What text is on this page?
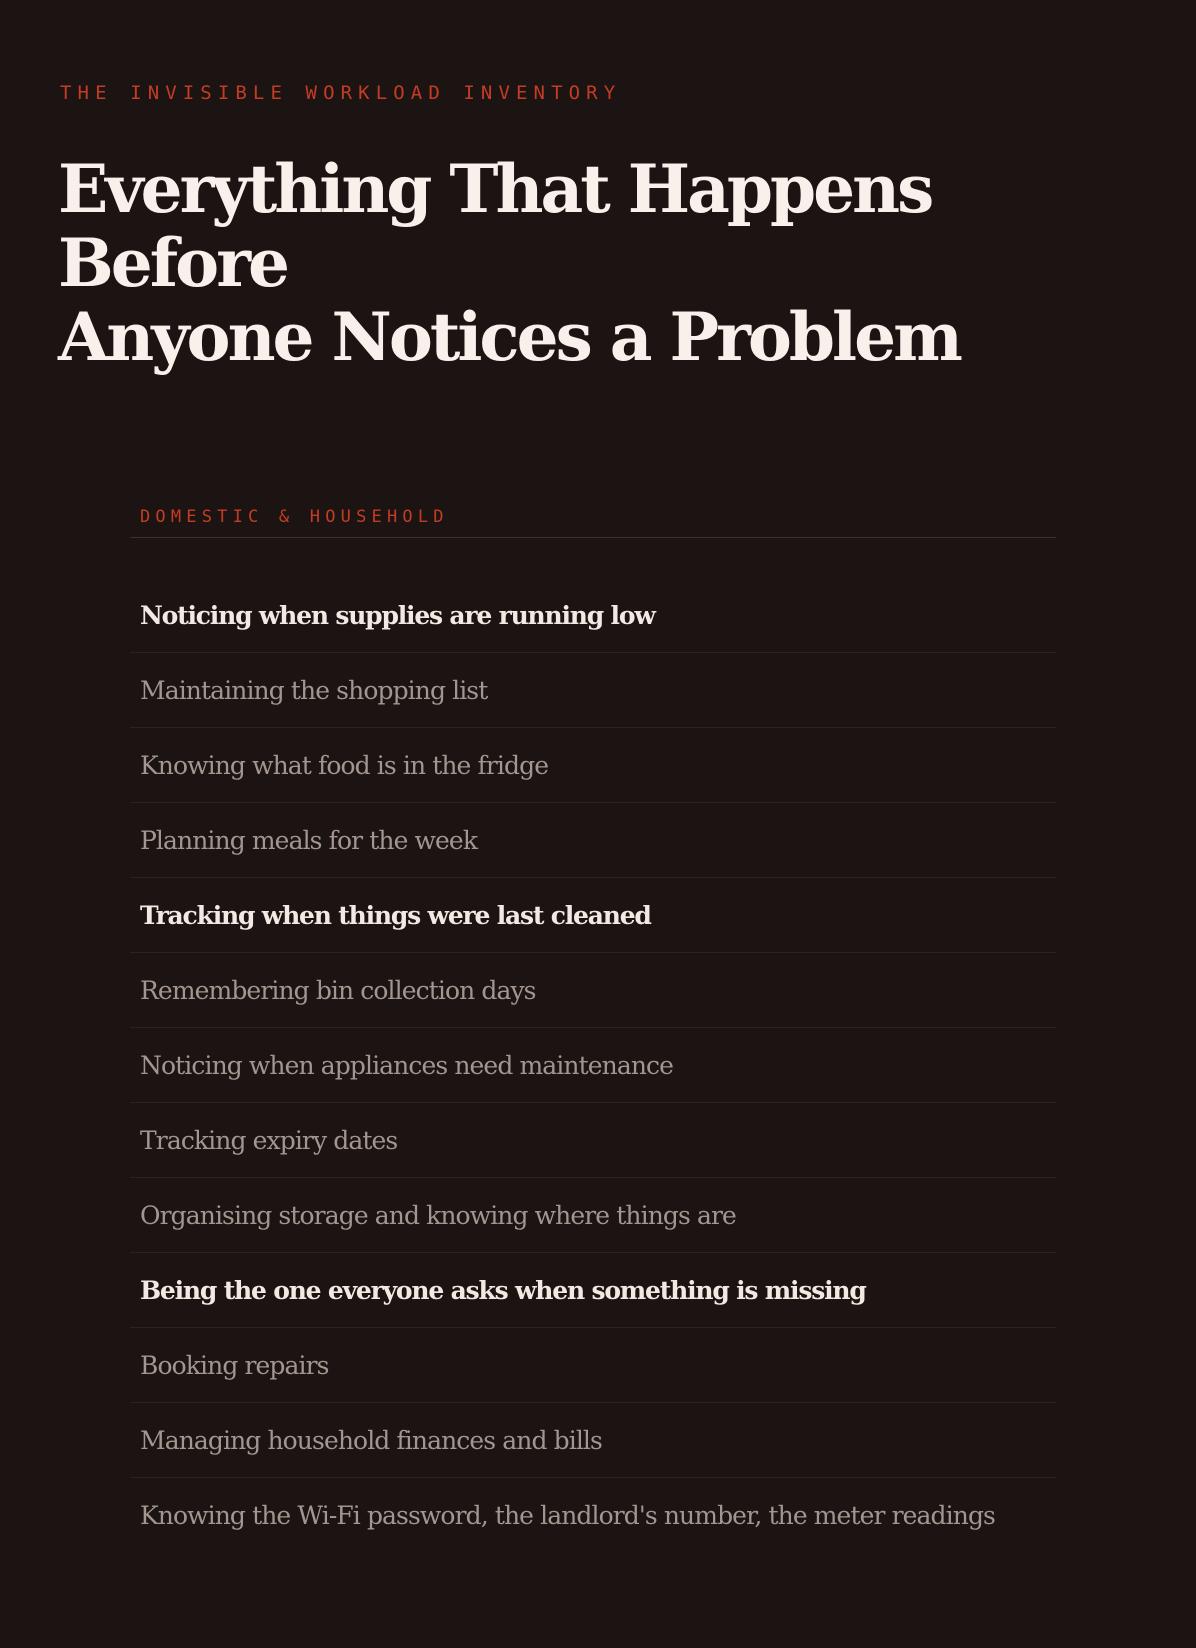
THE INVISIBLE WORKLOAD INVENTORY
Everything That Happens Before
Anyone Notices a Problem
DOMESTIC & HOUSEHOLD
Noticing when supplies are running low
Maintaining the shopping list
Knowing what food is in the fridge
Planning meals for the week
Tracking when things were last cleaned
Remembering bin collection days
Noticing when appliances need maintenance
Tracking expiry dates
Organising storage and knowing where things are
Being the one everyone asks when something is missing
Booking repairs
Managing household finances and bills
Knowing the Wi-Fi password, the landlord's number, the meter readings
